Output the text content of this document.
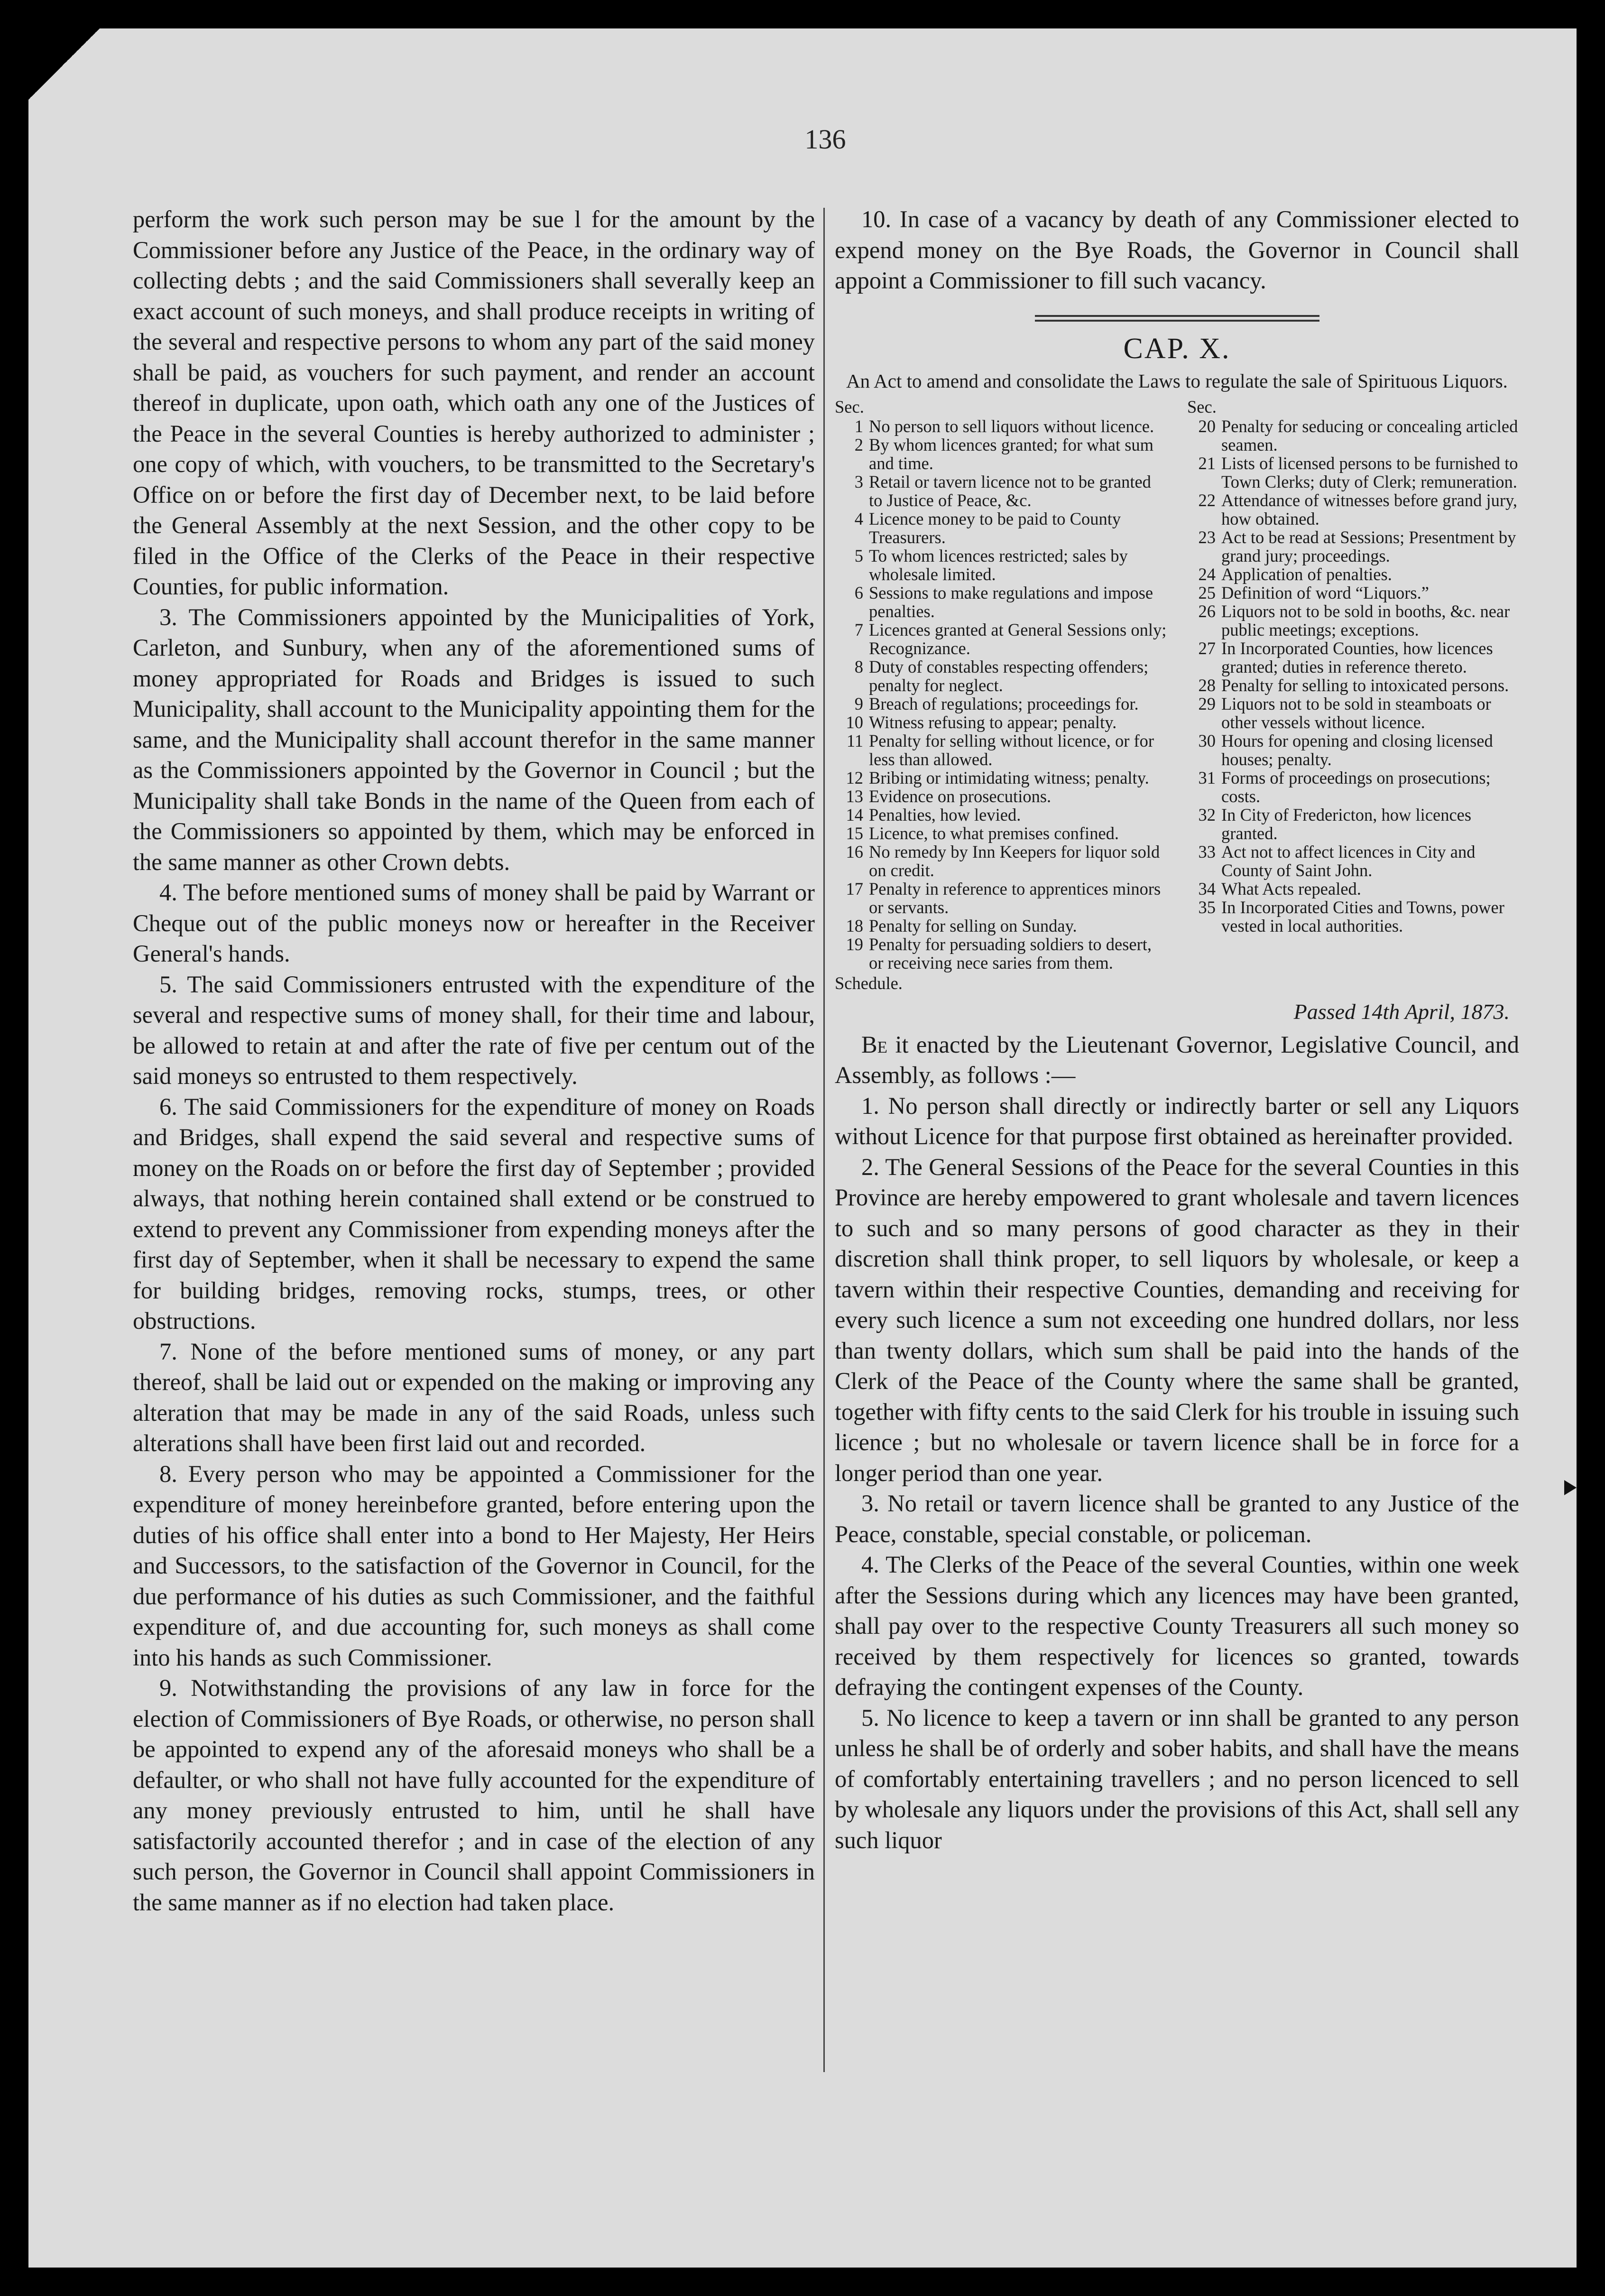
136

perform the work such person may be sue l for the amount by the Commissioner before any Justice of the Peace, in the ordinary way of collecting debts ; and the said Commissioners shall severally keep an exact account of such moneys, and shall produce receipts in writing of the several and respective persons to whom any part of the said money shall be paid, as vouchers for such payment, and render an account thereof in duplicate, upon oath, which oath any one of the Justices of the Peace in the several Counties is hereby authorized to administer ; one copy of which, with vouchers, to be transmitted to the Secretary's Office on or before the first day of December next, to be laid before the General Assembly at the next Session, and the other copy to be filed in the Office of the Clerks of the Peace in their respective Counties, for public information.

3. The Commissioners appointed by the Municipalities of York, Carleton, and Sunbury, when any of the aforementioned sums of money appropriated for Roads and Bridges is issued to such Municipality, shall account to the Municipality appointing them for the same, and the Municipality shall account therefor in the same manner as the Commissioners appointed by the Governor in Council ; but the Municipality shall take Bonds in the name of the Queen from each of the Commissioners so appointed by them, which may be enforced in the same manner as other Crown debts.

4. The before mentioned sums of money shall be paid by Warrant or Cheque out of the public moneys now or hereafter in the Receiver General's hands.

5. The said Commissioners entrusted with the expenditure of the several and respective sums of money shall, for their time and labour, be allowed to retain at and after the rate of five per centum out of the said moneys so entrusted to them respectively.

6. The said Commissioners for the expenditure of money on Roads and Bridges, shall expend the said several and respective sums of money on the Roads on or before the first day of September ; provided always, that nothing herein contained shall extend or be construed to extend to prevent any Commissioner from expending moneys after the first day of September, when it shall be necessary to expend the same for building bridges, removing rocks, stumps, trees, or other obstructions.

7. None of the before mentioned sums of money, or any part thereof, shall be laid out or expended on the making or improving any alteration that may be made in any of the said Roads, unless such alterations shall have been first laid out and recorded.

8. Every person who may be appointed a Commissioner for the expenditure of money hereinbefore granted, before entering upon the duties of his office shall enter into a bond to Her Majesty, Her Heirs and Successors, to the satisfaction of the Governor in Council, for the due performance of his duties as such Commissioner, and the faithful expenditure of, and due accounting for, such moneys as shall come into his hands as such Commissioner.

9. Notwithstanding the provisions of any law in force for the election of Commissioners of Bye Roads, or otherwise, no person shall be appointed to expend any of the aforesaid moneys who shall be a defaulter, or who shall not have fully accounted for the expenditure of any money previously entrusted to him, until he shall have satisfactorily accounted therefor ; and in case of the election of any such person, the Governor in Council shall appoint Commissioners in the same manner as if no election had taken place.

10. In case of a vacancy by death of any Commissioner elected to expend money on the Bye Roads, the Governor in Council shall appoint a Commissioner to fill such vacancy.

CAP. X.
An Act to amend and consolidate the Laws to regulate the sale of Spirituous Liquors.
Sec.
1 No person to sell liquors without licence.
2 By whom licences granted; for what sum and time.
3 Retail or tavern licence not to be granted to Justice of Peace, &c.
4 Licence money to be paid to County Treasurers.
5 To whom licences restricted; sales by wholesale limited.
6 Sessions to make regulations and impose penalties.
7 Licences granted at General Sessions only; Recognizance.
8 Duty of constables respecting offenders; penalty for neglect.
9 Breach of regulations; proceedings for.
10 Witness refusing to appear; penalty.
11 Penalty for selling without licence, or for less than allowed.
12 Bribing or intimidating witness; penalty.
13 Evidence on prosecutions.
14 Penalties, how levied.
15 Licence, to what premises confined.
16 No remedy by Inn Keepers for liquor sold on credit.
17 Penalty in reference to apprentices minors or servants.
18 Penalty for selling on Sunday.
19 Penalty for persuading soldiers to desert, or receiving nece saries from them.
Schedule.
Sec.
20 Penalty for seducing or concealing articled seamen.
21 Lists of licensed persons to be furnished to Town Clerks; duty of Clerk; remuneration.
22 Attendance of witnesses before grand jury, how obtained.
23 Act to be read at Sessions; Presentment by grand jury; proceedings.
24 Application of penalties.
25 Definition of word “Liquors.”
26 Liquors not to be sold in booths, &c. near public meetings; exceptions.
27 In Incorporated Counties, how licences granted; duties in reference thereto.
28 Penalty for selling to intoxicated persons.
29 Liquors not to be sold in steamboats or other vessels without licence.
30 Hours for opening and closing licensed houses; penalty.
31 Forms of proceedings on prosecutions; costs.
32 In City of Fredericton, how licences granted.
33 Act not to affect licences in City and County of Saint John.
34 What Acts repealed.
35 In Incorporated Cities and Towns, power vested in local authorities.
Passed 14th April, 1873.

Be it enacted by the Lieutenant Governor, Legislative Council, and Assembly, as follows :—

1. No person shall directly or indirectly barter or sell any Liquors without Licence for that purpose first obtained as hereinafter provided.

2. The General Sessions of the Peace for the several Counties in this Province are hereby empowered to grant wholesale and tavern licences to such and so many persons of good character as they in their discretion shall think proper, to sell liquors by wholesale, or keep a tavern within their respective Counties, demanding and receiving for every such licence a sum not exceeding one hundred dollars, nor less than twenty dollars, which sum shall be paid into the hands of the Clerk of the Peace of the County where the same shall be granted, together with fifty cents to the said Clerk for his trouble in issuing such licence ; but no wholesale or tavern licence shall be in force for a longer period than one year.

3. No retail or tavern licence shall be granted to any Justice of the Peace, constable, special constable, or policeman.

4. The Clerks of the Peace of the several Counties, within one week after the Sessions during which any licences may have been granted, shall pay over to the respective County Treasurers all such money so received by them respectively for licences so granted, towards defraying the contingent expenses of the County.

5. No licence to keep a tavern or inn shall be granted to any person unless he shall be of orderly and sober habits, and shall have the means of comfortably entertaining travellers ; and no person licenced to sell by wholesale any liquors under the provisions of this Act, shall sell any such liquor
